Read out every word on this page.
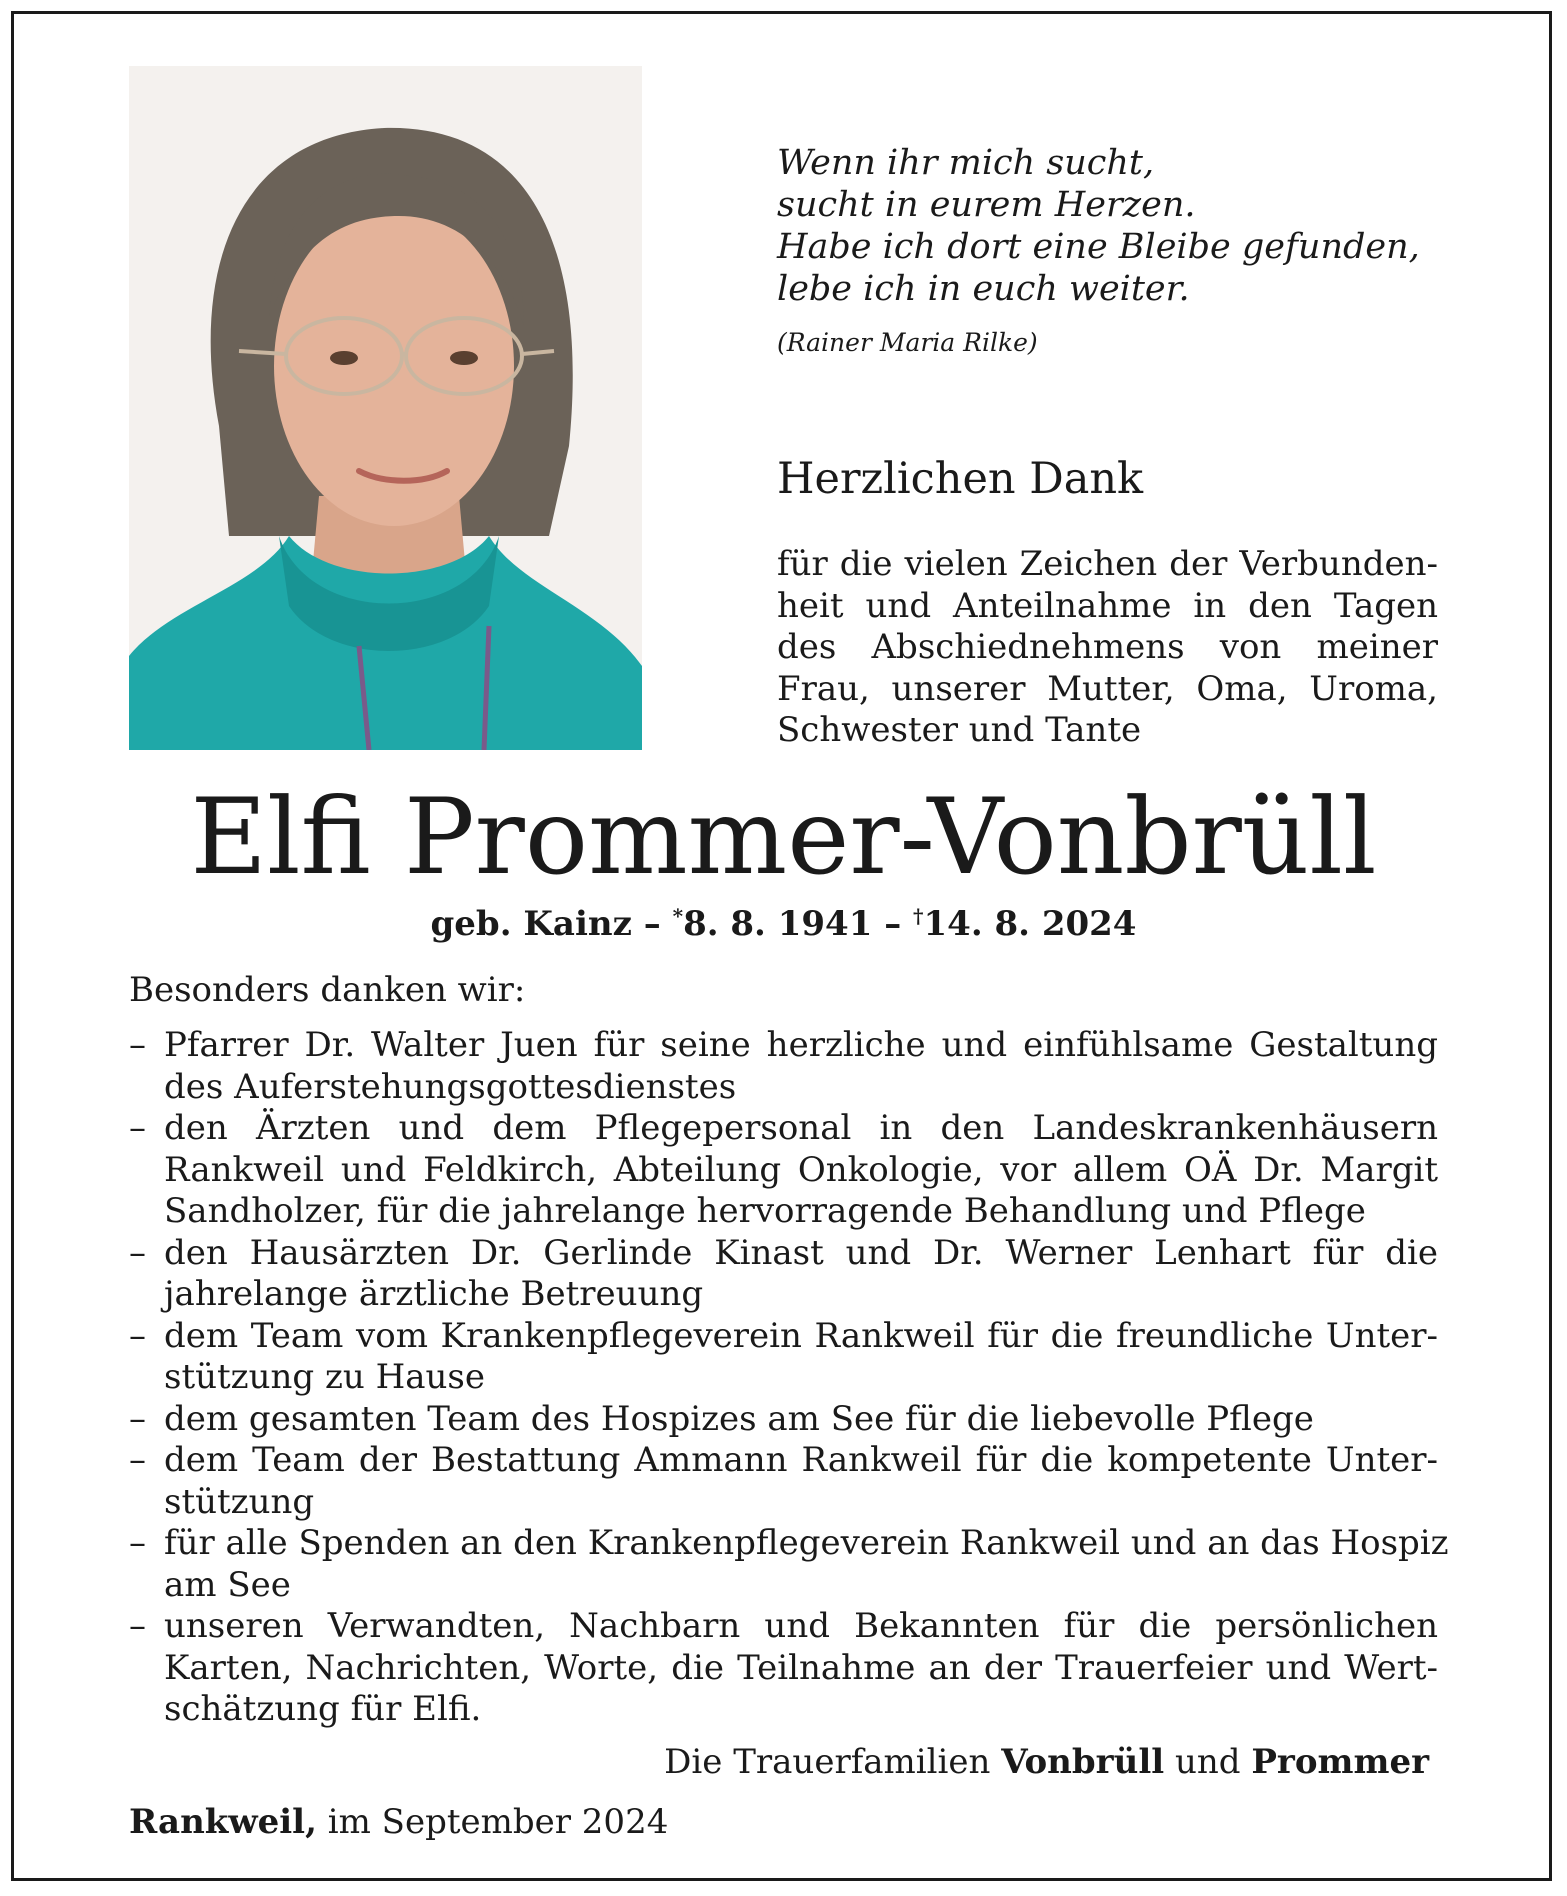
Wenn ihr mich sucht,
sucht in eurem Herzen.
Habe ich dort eine Bleibe gefunden,
lebe ich in euch weiter.
(Rainer Maria Rilke)
Herzlichen Dank
für die vielen Zeichen der Verbunden-
heit und Anteilnahme in den Tagen
des Abschiednehmens von meiner
Frau, unserer Mutter, Oma, Uroma,
Schwester und Tante
Elfi Prommer-Vonbrüll
geb. Kainz – *8. 8. 1941 – †14. 8. 2024
Besonders danken wir:
– Pfarrer Dr. Walter Juen für seine herzliche und einfühlsame Gestaltung
des Auferstehungsgottesdienstes
– den Ärzten und dem Pflegepersonal in den Landeskrankenhäusern
Rankweil und Feldkirch, Abteilung Onkologie, vor allem OÄ Dr. Margit
Sandholzer, für die jahrelange hervorragende Behandlung und Pflege
– den Hausärzten Dr. Gerlinde Kinast und Dr. Werner Lenhart für die
jahrelange ärztliche Betreuung
– dem Team vom Krankenpflegeverein Rankweil für die freundliche Unter-
stützung zu Hause
– dem gesamten Team des Hospizes am See für die liebevolle Pflege
– dem Team der Bestattung Ammann Rankweil für die kompetente Unter-
stützung
– für alle Spenden an den Krankenpflegeverein Rankweil und an das Hospiz
am See
– unseren Verwandten, Nachbarn und Bekannten für die persönlichen
Karten, Nachrichten, Worte, die Teilnahme an der Trauerfeier und Wert-
schätzung für Elfi.
Die Trauerfamilien Vonbrüll und Prommer
Rankweil, im September 2024
